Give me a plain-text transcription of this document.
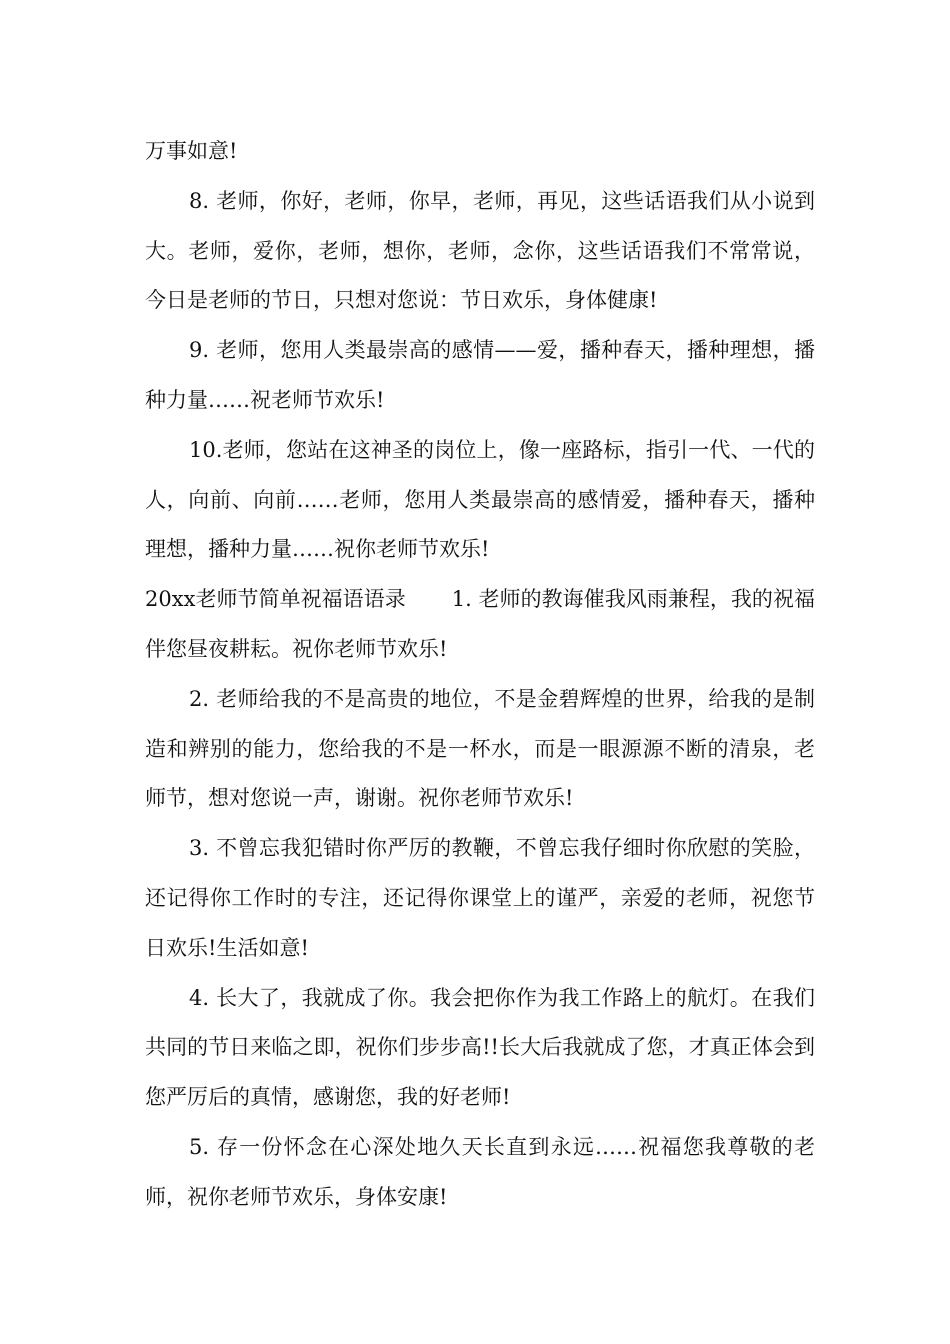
万事如意!

8. 老师，你好，老师，你早，老师，再见，这些话语我们从小说到大。老师，爱你，老师，想你，老师，念你，这些话语我们不常常说，今日是老师的节日，只想对您说：节日欢乐，身体健康!

9. 老师，您用人类最崇高的感情——爱，播种春天，播种理想，播种力量……祝老师节欢乐!

10.老师，您站在这神圣的岗位上，像一座路标，指引一代、一代的人，向前、向前……老师，您用人类最崇高的感情爱，播种春天，播种理想，播种力量……祝你老师节欢乐!

20xx老师节简单祝福语语录 1. 老师的教诲催我风雨兼程，我的祝福伴您昼夜耕耘。祝你老师节欢乐!

2. 老师给我的不是高贵的地位，不是金碧辉煌的世界，给我的是制造和辨别的能力，您给我的不是一杯水，而是一眼源源不断的清泉，老师节，想对您说一声，谢谢。祝你老师节欢乐!

3. 不曾忘我犯错时你严厉的教鞭，不曾忘我仔细时你欣慰的笑脸，还记得你工作时的专注，还记得你课堂上的谨严，亲爱的老师，祝您节日欢乐!生活如意!

4. 长大了，我就成了你。我会把你作为我工作路上的航灯。在我们共同的节日来临之即，祝你们步步高!!长大后我就成了您，才真正体会到您严厉后的真情，感谢您，我的好老师!

5. 存一份怀念在心深处地久天长直到永远……祝福您我尊敬的老师，祝你老师节欢乐，身体安康!
